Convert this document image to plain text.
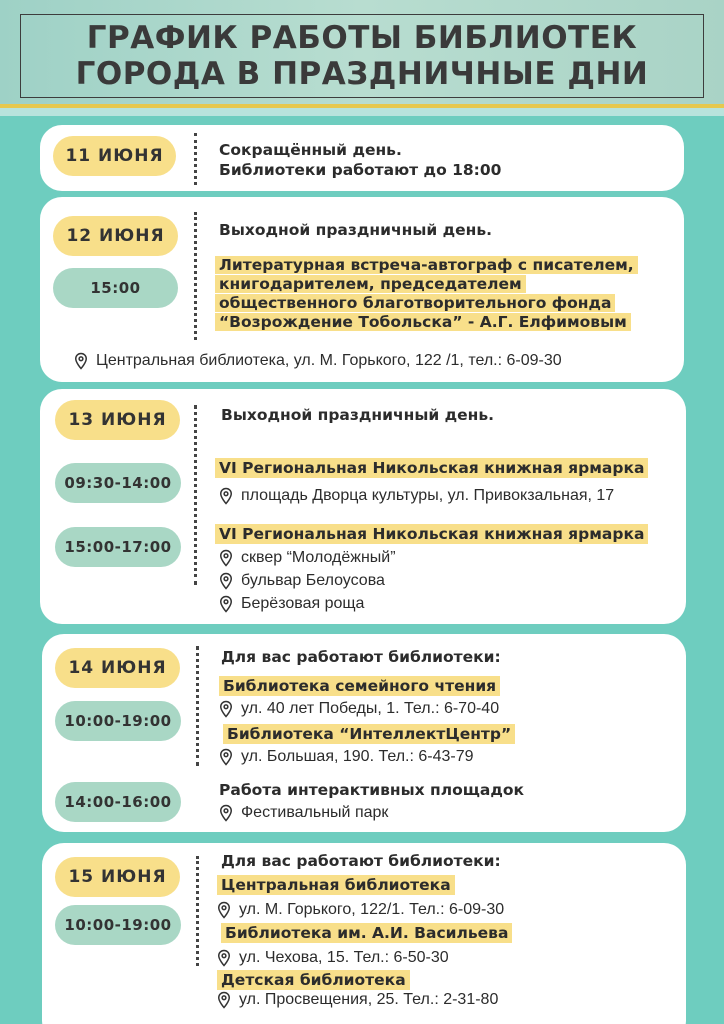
ГРАФИК РАБОТЫ БИБЛИОТЕК
ГОРОДА В ПРАЗДНИЧНЫЕ ДНИ
11 ИЮНЯ	Сокращённый день.
Библиотеки работают до 18:00
12 ИЮНЯ
15:00
Выходной праздничный день.
Литературная встреча-автограф с писателем,
книгодарителем, председателем
общественного благотворительного фонда
“Возрождение Тобольска” - А.Г. Елфимовым
Центральная библиотека, ул. М. Горького, 122 /1, тел.: 6-09-30
13 ИЮНЯ
09:30-14:00
15:00-17:00
Выходной праздничный день.
VI Региональная Никольская книжная ярмарка
площадь Дворца культуры, ул. Привокзальная, 17
VI Региональная Никольская книжная ярмарка
сквер “Молодёжный”
бульвар Белоусова
Берёзовая роща
14 ИЮНЯ
10:00-19:00
14:00-16:00
Для вас работают библиотеки:
Библиотека семейного чтения
ул. 40 лет Победы, 1. Тел.: 6-70-40
Библиотека “ИнтеллектЦентр”
ул. Большая, 190. Тел.: 6-43-79
Работа интерактивных площадок
Фестивальный парк
15 ИЮНЯ
10:00-19:00
Для вас работают библиотеки:
Центральная библиотека
ул. М. Горького, 122/1. Тел.: 6-09-30
Библиотека им. А.И. Васильева
ул. Чехова, 15. Тел.: 6-50-30
Детская библиотека
ул. Просвещения, 25. Тел.: 2-31-80
